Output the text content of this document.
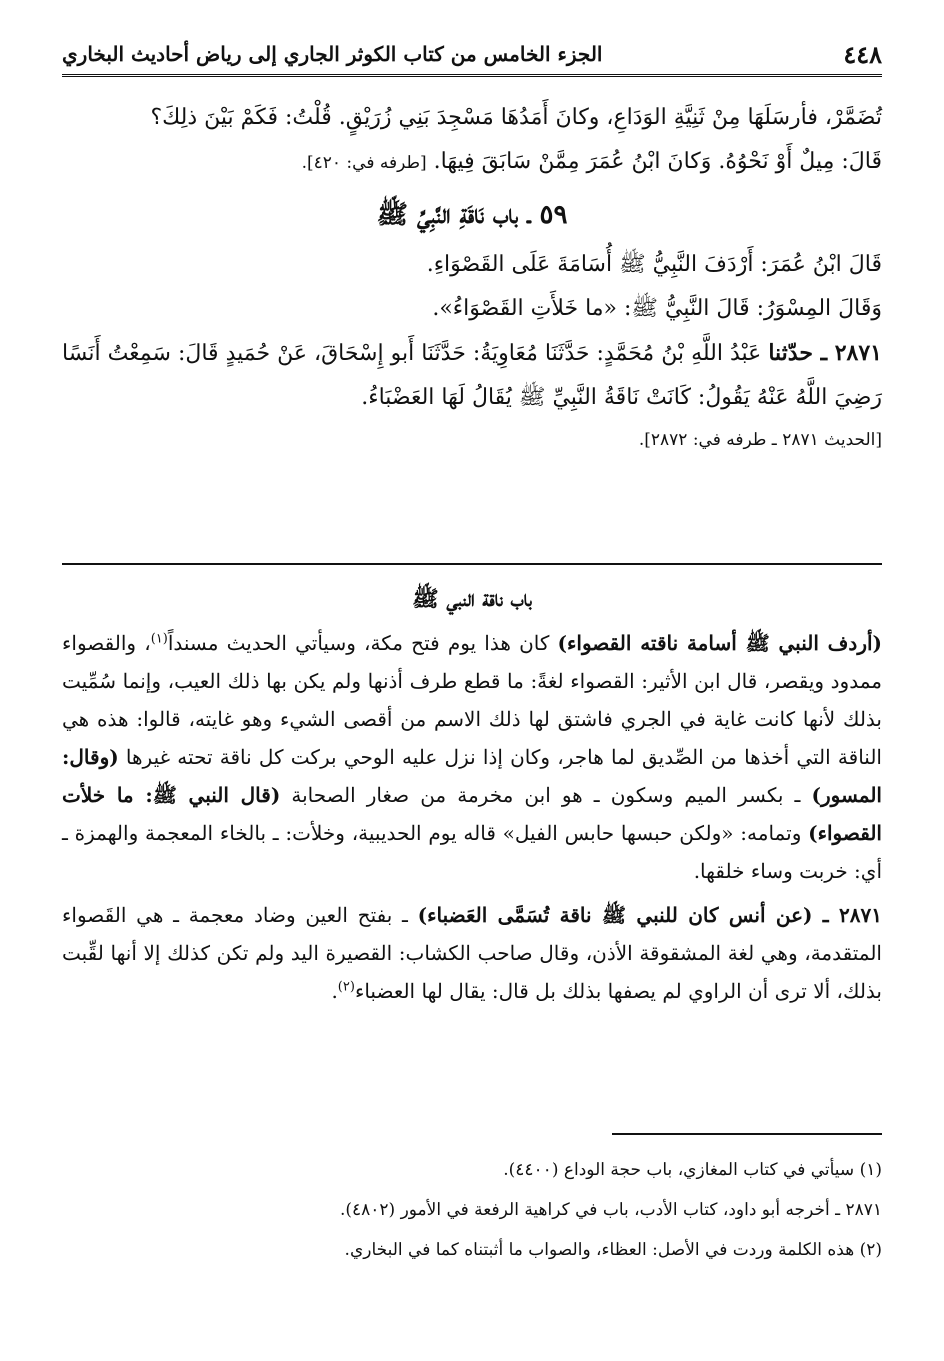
٤٤٨
الجزء الخامس من كتاب الكوثر الجاري إلى رياض أحاديث البخاري

تُضَمَّرْ، فأرسَلَهَا مِنْ ثَنِيَّةِ الوَدَاعِ، وكانَ أَمَدُهَا مَسْجِدَ بَنِي زُرَيْقٍ. قُلْتُ: فَكَمْ بَيْنَ ذلِكَ؟

قَالَ: مِيلٌ أَوْ نَحْوُهُ. وَكانَ ابْنُ عُمَرَ مِمَّنْ سَابَقَ فِيهَا. [طرفه في: ٤٢٠].

٥٩ ـ باب نَاقَةِ النَّبِيِّ ﷺ

قَالَ ابْنُ عُمَرَ: أَرْدَفَ النَّبِيُّ ﷺ أُسَامَةَ عَلَى القَصْوَاءِ.

وَقَالَ المِسْوَرُ: قَالَ النَّبِيُّ ﷺ: «ما خَلأَتِ القَصْوَاءُ».

٢٨٧١ ـ حدّثنا عَبْدُ اللَّهِ بْنُ مُحَمَّدٍ: حَدَّثَنَا مُعَاوِيَةُ: حَدَّثَنَا أَبو إِسْحَاقَ، عَنْ حُمَيدٍ قَالَ: سَمِعْتُ أَنَسًا رَضِيَ اللَّهُ عَنْهُ يَقُولُ: كَانَتْ نَاقَةُ النَّبِيِّ ﷺ يُقَالُ لَهَا العَضْبَاءُ.

[الحديث ٢٨٧١ ـ طرفه في: ٢٨٧٢].

باب ناقة النبي ﷺ

(أردف النبي ﷺ أسامة ناقته القصواء) كان هذا يوم فتح مكة، وسيأتي الحديث مسنداً$^{(١)}$، والقصواء ممدود ويقصر، قال ابن الأثير: القصواء لغةً: ما قطع طرف أذنها ولم يكن بها ذلك العيب، وإنما سُمِّيت بذلك لأنها كانت غاية في الجري فاشتق لها ذلك الاسم من أقصى الشيء وهو غايته، قالوا: هذه هي الناقة التي أخذها من الصِّديق لما هاجر، وكان إذا نزل عليه الوحي بركت كل ناقة تحته غيرها (وقال: المسور) ـ بكسر الميم وسكون ـ هو ابن مخرمة من صغار الصحابة (قال النبي ﷺ: ما خلأت القصواء) وتمامه: «ولكن حبسها حابس الفيل» قاله يوم الحديبية، وخلأت: ـ بالخاء المعجمة والهمزة ـ أي: خربت وساء خلقها.

٢٨٧١ ـ (عن أنس كان للنبي ﷺ ناقة تُسَمَّى العَضباء) ـ بفتح العين وضاد معجمة ـ هي القَصواء المتقدمة، وهي لغة المشقوقة الأذن، وقال صاحب الكشاب: القصيرة اليد ولم تكن كذلك إلا أنها لقِّبت بذلك، ألا ترى أن الراوي لم يصفها بذلك بل قال: يقال لها العضباء$^{(٢)}$.

(١) سيأتي في كتاب المغازي، باب حجة الوداع (٤٤٠٠).

٢٨٧١ ـ أخرجه أبو داود، كتاب الأدب، باب في كراهية الرفعة في الأمور (٤٨٠٢).

(٢) هذه الكلمة وردت في الأصل: العظاء، والصواب ما أثبتناه كما في البخاري.
